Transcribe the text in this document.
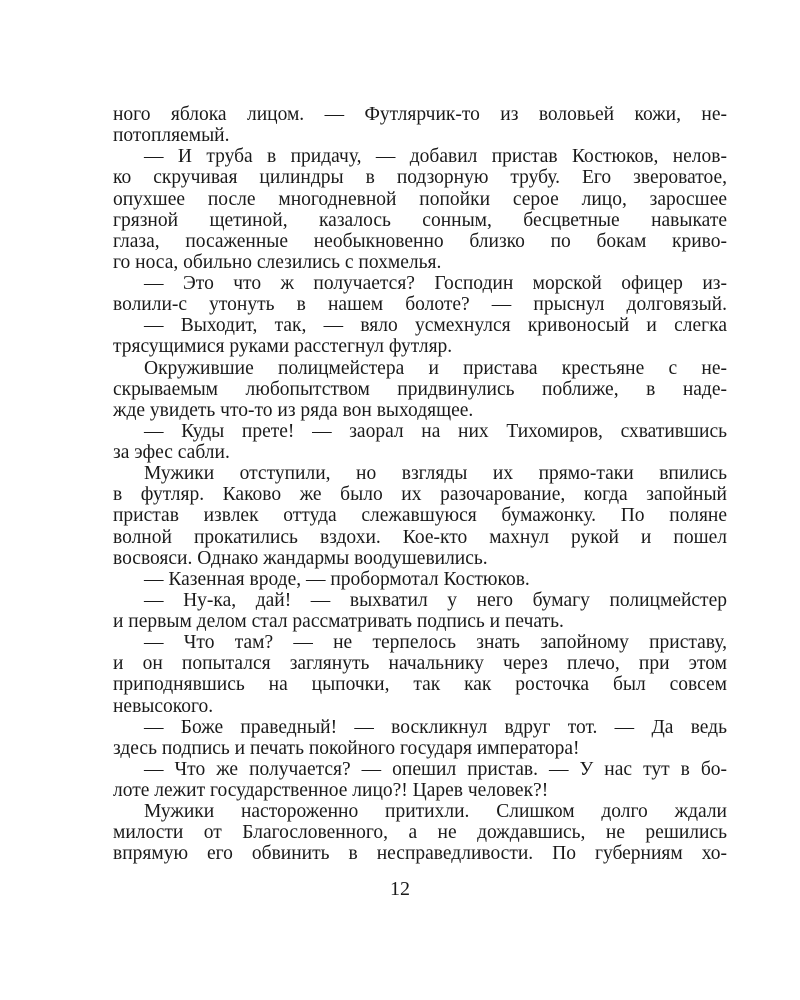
ного яблока лицом. — Футлярчик-то из воловьей кожи, не-
потопляемый.
— И труба в придачу, — добавил пристав Костюков, нелов-
ко скручивая цилиндры в подзорную трубу. Его звероватое,
опухшее после многодневной попойки серое лицо, заросшее
грязной щетиной, казалось сонным, бесцветные навыкате
глаза, посаженные необыкновенно близко по бокам криво-
го носа, обильно слезились с похмелья.
— Это что ж получается? Господин морской офицер из-
волили-с утонуть в нашем болоте? — прыснул долговязый.
— Выходит, так, — вяло усмехнулся кривоносый и слегка
трясущимися руками расстегнул футляр.
Окружившие полицмейстера и пристава крестьяне с не-
скрываемым любопытством придвинулись поближе, в наде-
жде увидеть что-то из ряда вон выходящее.
— Куды прете! — заорал на них Тихомиров, схватившись
за эфес сабли.
Мужики отступили, но взгляды их прямо-таки впились
в футляр. Каково же было их разочарование, когда запойный
пристав извлек оттуда слежавшуюся бумажонку. По поляне
волной прокатились вздохи. Кое-кто махнул рукой и пошел
восвояси. Однако жандармы воодушевились.
— Казенная вроде, — пробормотал Костюков.
— Ну-ка, дай! — выхватил у него бумагу полицмейстер
и первым делом стал рассматривать подпись и печать.
— Что там? — не терпелось знать запойному приставу,
и он попытался заглянуть начальнику через плечо, при этом
приподнявшись на цыпочки, так как росточка был совсем
невысокого.
— Боже праведный! — воскликнул вдруг тот. — Да ведь
здесь подпись и печать покойного государя императора!
— Что же получается? — опешил пристав. — У нас тут в бо-
лоте лежит государственное лицо?! Царев человек?!
Мужики настороженно притихли. Слишком долго ждали
милости от Благословенного, а не дождавшись, не решились
впрямую его обвинить в несправедливости. По губерниям хо-
12
